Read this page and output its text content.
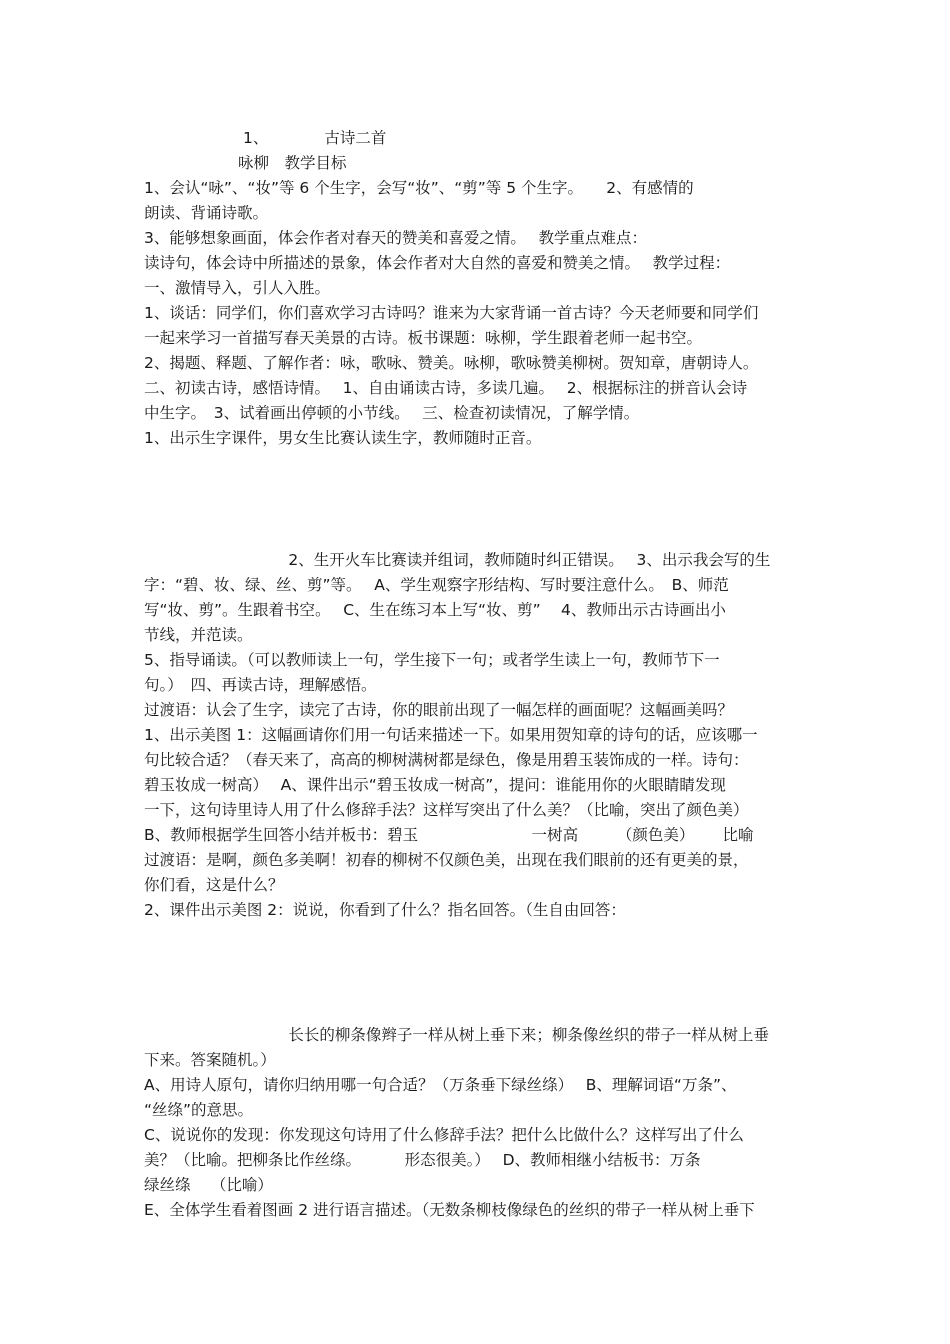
1、	古诗二首

咏柳　教学目标

1、会认“咏”、“妆”等 6 个生字，会写“妆”、“剪”等 5 个生字。　　2、有感情的

朗读、背诵诗歌。

3、能够想象画面，体会作者对春天的赞美和喜爱之情。　 教学重点难点：

读诗句，体会诗中所描述的景象，体会作者对大自然的喜爱和赞美之情。　 教学过程：

一、激情导入，引人入胜。

1、谈话：同学们，你们喜欢学习古诗吗？谁来为大家背诵一首古诗？今天老师要和同学们

一起来学习一首描写春天美景的古诗。板书课题：咏柳，学生跟着老师一起书空。

2、揭题、释题、了解作者：咏，歌咏、赞美。咏柳，歌咏赞美柳树。贺知章，唐朝诗人。

二、初读古诗，感悟诗情。　 1、自由诵读古诗，多读几遍。　 2、根据标注的拼音认会诗

中生字。　3、试着画出停顿的小节线。　 三、检查初读情况，了解学情。

1、出示生字课件，男女生比赛认读生字，教师随时正音。

　　　　　　　　　 2、生开火车比赛读并组词，教师随时纠正错误。　 3、出示我会写的生

字：“碧、妆、绿、丝、剪”等。　 A、学生观察字形结构、写时要注意什么。　B、师范

写“妆、剪”。生跟着书空。　 C、生在练习本上写“妆、剪”　 4、教师出示古诗画出小

节线，并范读。

5、指导诵读。（可以教师读上一句，学生接下一句；或者学生读上一句，教师节下一

句。）　四、再读古诗，理解感悟。

过渡语：认会了生字，读完了古诗，你的眼前出现了一幅怎样的画面呢？这幅画美吗？

1、出示美图 1：这幅画请你们用一句话来描述一下。如果用贺知章的诗句的话，应该哪一

句比较合适？（春天来了，高高的柳树满树都是绿色，像是用碧玉装饰成的一样。诗句：

碧玉妆成一树高）　 A、课件出示“碧玉妆成一树高”，提问：谁能用你的火眼睛睛发现

一下，这句诗里诗人用了什么修辞手法？这样写突出了什么美？（比喻，突出了颜色美）

B、教师根据学生回答小结并板书：碧玉　　　　　　　 一树高　　　（颜色美）　　 比喻

过渡语：是啊，颜色多美啊！初春的柳树不仅颜色美，出现在我们眼前的还有更美的景，

你们看，这是什么？

2、课件出示美图 2：说说，你看到了什么？指名回答。（生自由回答：

　　　　　　　　　 长长的柳条像辫子一样从树上垂下来；柳条像丝织的带子一样从树上垂

下来。答案随机。）

A、用诗人原句，请你归纳用哪一句合适？（万条垂下绿丝绦）　 B、理解词语“万条”、

“丝绦”的意思。

C、说说你的发现：你发现这句诗用了什么修辞手法？把什么比做什么？这样写出了什么

美？（比喻。把柳条比作丝绦。　　　 形态很美。）　 D、教师相继小结板书：万条

绿丝绦　 （比喻）

E、全体学生看着图画 2 进行语言描述。（无数条柳枝像绿色的丝织的带子一样从树上垂下
